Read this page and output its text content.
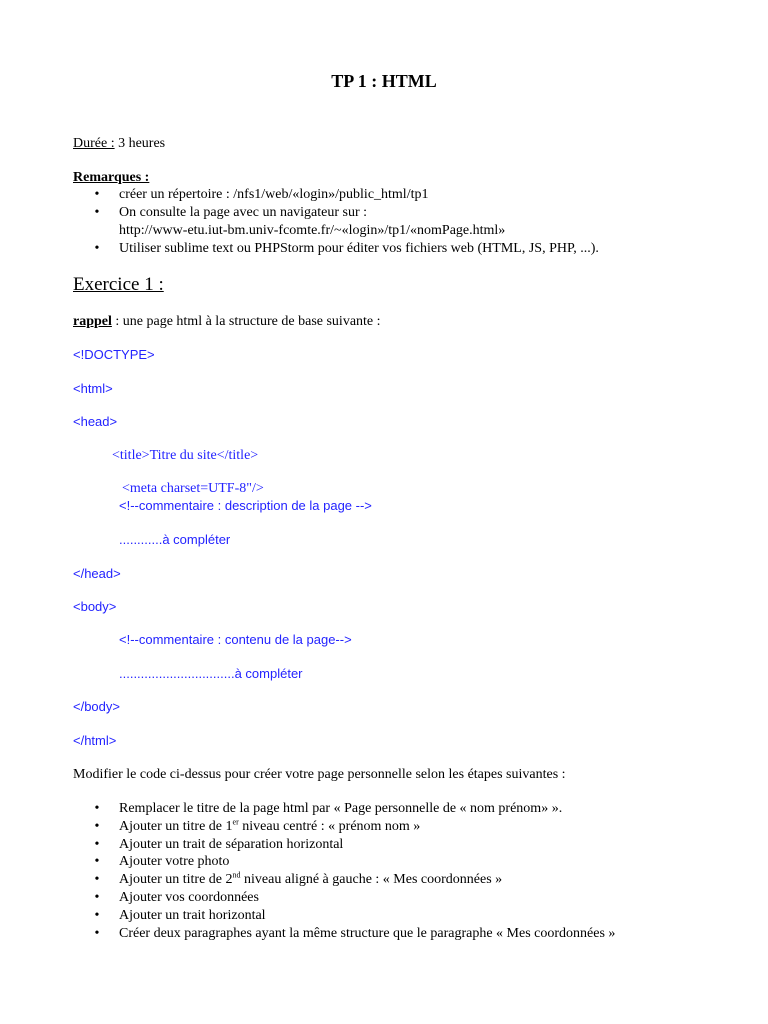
TP 1 : HTML
Durée : 3 heures
Remarques :
• créer un répertoire : /nfs1/web/«login»/public_html/tp1
• On consulte la page avec un navigateur sur :
http://www-etu.iut-bm.univ-fcomte.fr/~«login»/tp1/«nomPage.html»
• Utiliser sublime text ou PHPStorm pour éditer vos fichiers web (HTML, JS, PHP, ...).
Exercice 1 :
rappel : une page html à la structure de base suivante :
<!DOCTYPE>
<html>
<head>
<title>Titre du site</title>
<meta charset=UTF-8"/>
<!--commentaire : description de la page -->
............à compléter
</head>
<body>
<!--commentaire : contenu de la page-->
................................à compléter
</body>
</html>
Modifier le code ci-dessus pour créer votre page personnelle selon les étapes suivantes :
• Remplacer le titre de la page html par « Page personnelle de « nom prénom» ».
• Ajouter un titre de 1er niveau centré : « prénom nom »
• Ajouter un trait de séparation horizontal
• Ajouter votre photo
• Ajouter un titre de 2nd niveau aligné à gauche : « Mes coordonnées »
• Ajouter vos coordonnées
• Ajouter un trait horizontal
• Créer deux paragraphes ayant la même structure que le paragraphe « Mes coordonnées »
